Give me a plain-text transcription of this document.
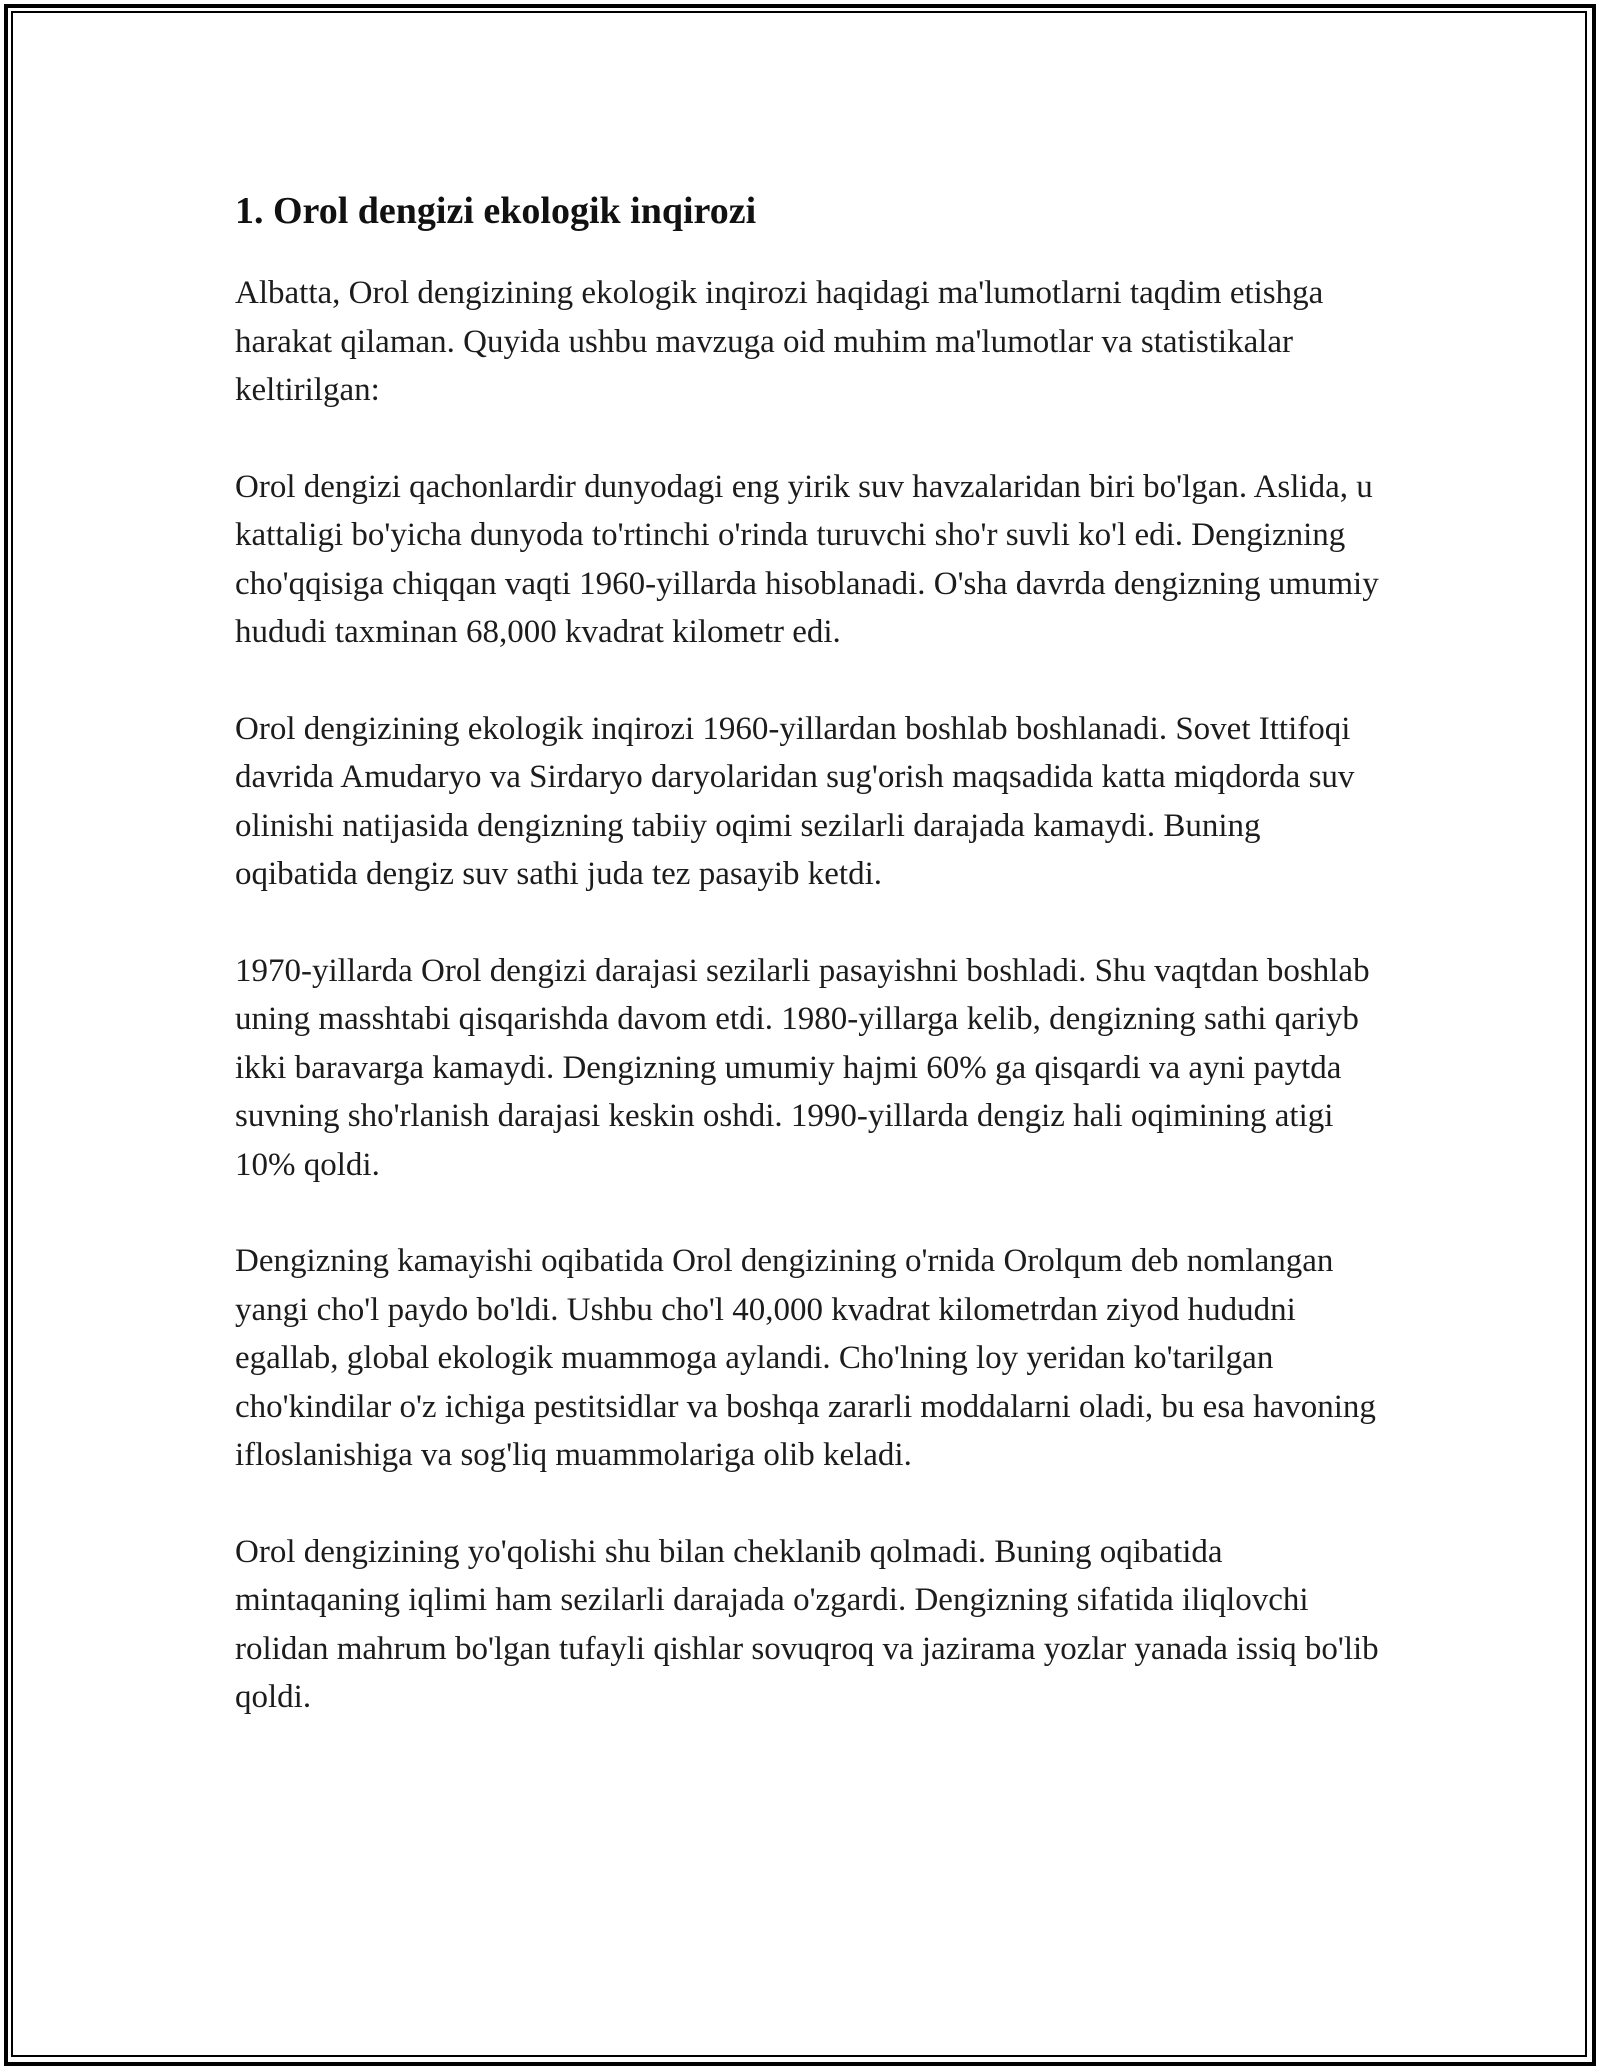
1. Orol dengizi ekologik inqirozi

Albatta, Orol dengizining ekologik inqirozi haqidagi ma'lumotlarni taqdim etishga harakat qilaman. Quyida ushbu mavzuga oid muhim ma'lumotlar va statistikalar keltirilgan:

Orol dengizi qachonlardir dunyodagi eng yirik suv havzalaridan biri bo'lgan. Aslida, u kattaligi bo'yicha dunyoda to'rtinchi o'rinda turuvchi sho'r suvli ko'l edi. Dengizning cho'qqisiga chiqqan vaqti 1960-yillarda hisoblanadi. O'sha davrda dengizning umumiy hududi taxminan 68,000 kvadrat kilometr edi.

Orol dengizining ekologik inqirozi 1960-yillardan boshlab boshlanadi. Sovet Ittifoqi davrida Amudaryo va Sirdaryo daryolaridan sug'orish maqsadida katta miqdorda suv olinishi natijasida dengizning tabiiy oqimi sezilarli darajada kamaydi. Buning oqibatida dengiz suv sathi juda tez pasayib ketdi.

1970-yillarda Orol dengizi darajasi sezilarli pasayishni boshladi. Shu vaqtdan boshlab uning masshtabi qisqarishda davom etdi. 1980-yillarga kelib, dengizning sathi qariyb ikki baravarga kamaydi. Dengizning umumiy hajmi 60% ga qisqardi va ayni paytda suvning sho'rlanish darajasi keskin oshdi. 1990-yillarda dengiz hali oqimining atigi 10% qoldi.

Dengizning kamayishi oqibatida Orol dengizining o'rnida Orolqum deb nomlangan yangi cho'l paydo bo'ldi. Ushbu cho'l 40,000 kvadrat kilometrdan ziyod hududni egallab, global ekologik muammoga aylandi. Cho'lning loy yeridan ko'tarilgan cho'kindilar o'z ichiga pestitsidlar va boshqa zararli moddalarni oladi, bu esa havoning ifloslanishiga va sog'liq muammolariga olib keladi.

Orol dengizining yo'qolishi shu bilan cheklanib qolmadi. Buning oqibatida mintaqaning iqlimi ham sezilarli darajada o'zgardi. Dengizning sifatida iliqlovchi rolidan mahrum bo'lgan tufayli qishlar sovuqroq va jazirama yozlar yanada issiq bo'lib qoldi.
